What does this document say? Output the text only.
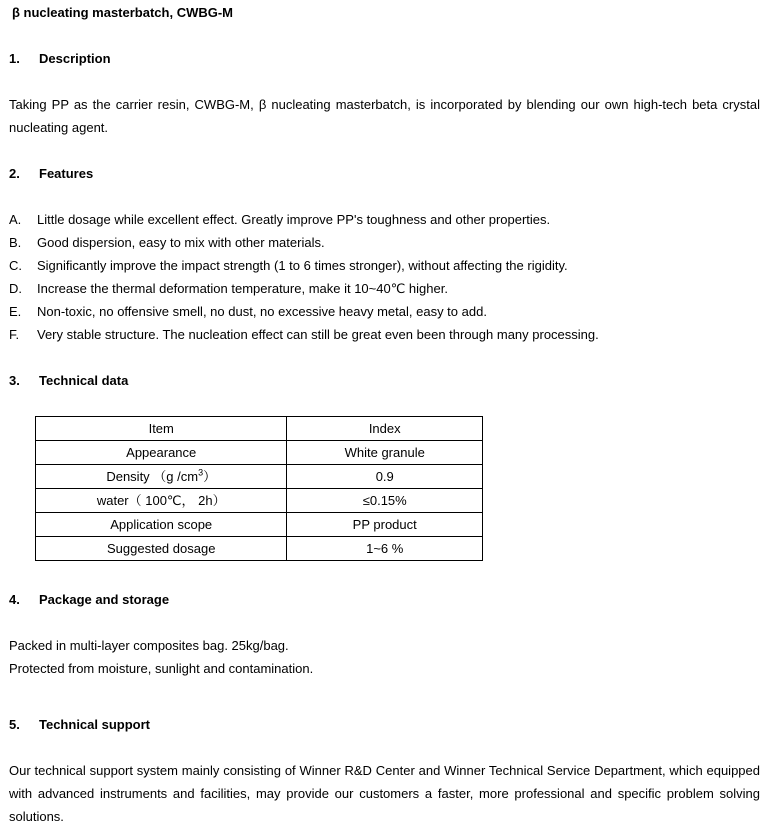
β nucleating masterbatch, CWBG-M
1. Description
Taking PP as the carrier resin, CWBG-M, β nucleating masterbatch, is incorporated by blending our own high-tech beta crystal nucleating agent.
2. Features
A. Little dosage while excellent effect. Greatly improve PP's toughness and other properties.
B. Good dispersion, easy to mix with other materials.
C. Significantly improve the impact strength (1 to 6 times stronger), without affecting the rigidity.
D. Increase the thermal deformation temperature, make it 10~40℃ higher.
E. Non-toxic, no offensive smell, no dust, no excessive heavy metal, easy to add.
F. Very stable structure. The nucleation effect can still be great even been through many processing.
3. Technical data
Item	Index
Appearance	White granule
Density （g $/cm^3$）	0.9
water（ 100℃， 2h）	≤0.15%
Application scope	PP product
Suggested dosage	1~6 %
4. Package and storage
Packed in multi-layer composites bag. 25kg/bag.
Protected from moisture, sunlight and contamination.
5. Technical support
Our technical support system mainly consisting of Winner R&D Center and Winner Technical Service Department, which equipped with advanced instruments and facilities, may provide our customers a faster, more professional and specific problem solving solutions.
